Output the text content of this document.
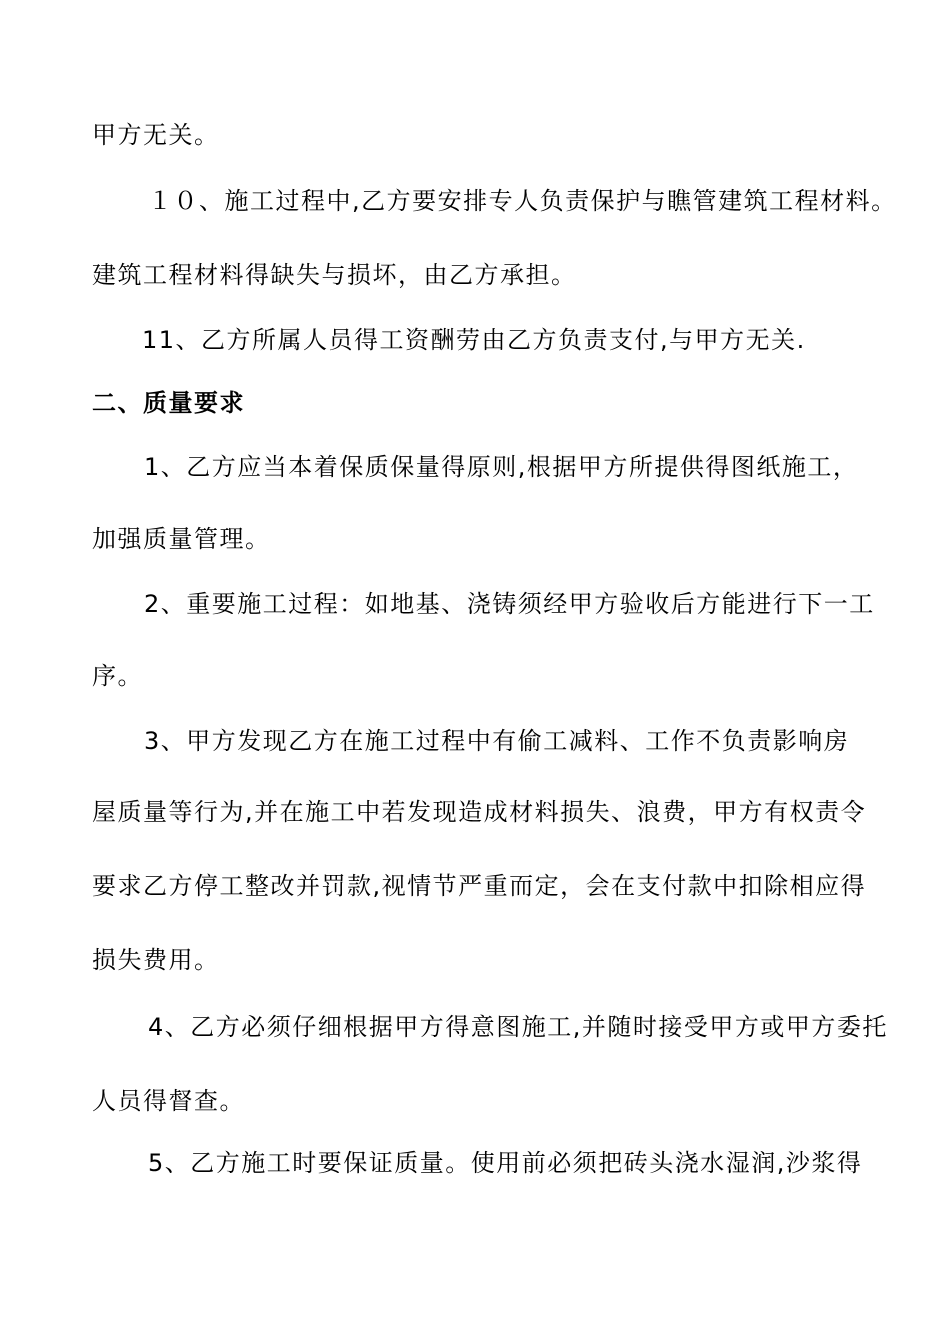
甲方无关。
１０、施工过程中,乙方要安排专人负责保护与瞧管建筑工程材料。
建筑工程材料得缺失与损坏，由乙方承担。
11、乙方所属人员得工资酬劳由乙方负责支付,与甲方无关.
二、质量要求
1、乙方应当本着保质保量得原则,根据甲方所提供得图纸施工，
加强质量管理。
2、重要施工过程：如地基、浇铸须经甲方验收后方能进行下一工
序。
3、甲方发现乙方在施工过程中有偷工减料、工作不负责影响房
屋质量等行为,并在施工中若发现造成材料损失、浪费，甲方有权责令
要求乙方停工整改并罚款,视情节严重而定，会在支付款中扣除相应得
损失费用。
4、乙方必须仔细根据甲方得意图施工,并随时接受甲方或甲方委托
人员得督查。
5、乙方施工时要保证质量。使用前必须把砖头浇水湿润,沙浆得
